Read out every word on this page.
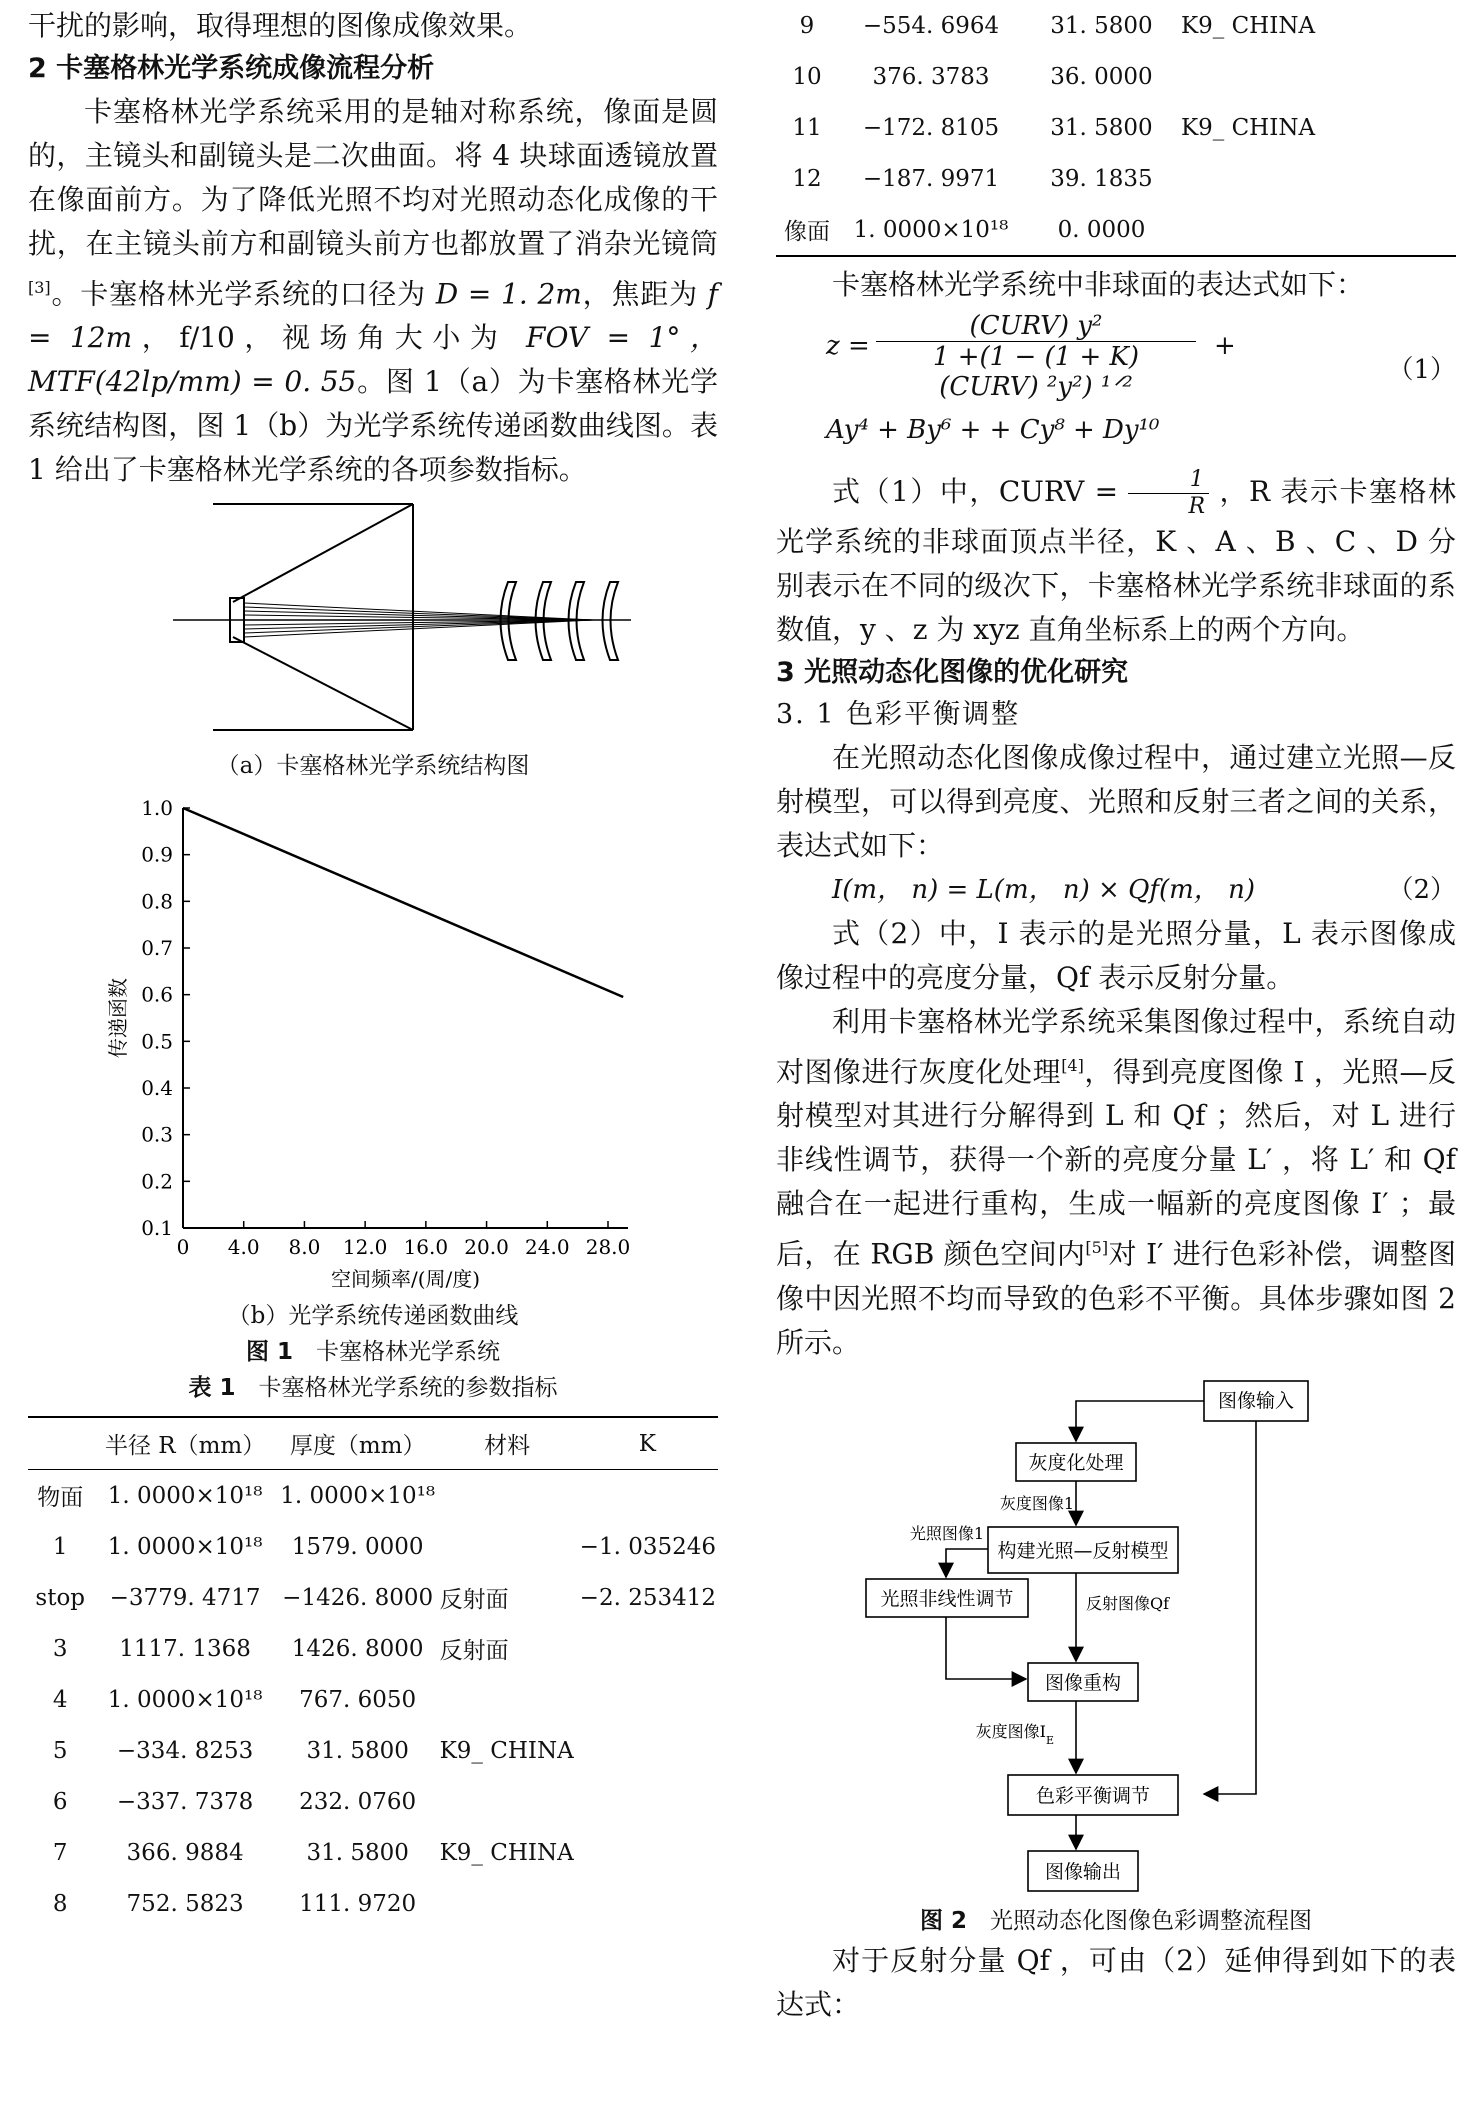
干扰的影响，取得理想的图像成像效果。

2 卡塞格林光学系统成像流程分析

卡塞格林光学系统采用的是轴对称系统，像面是圆的，主镜头和副镜头是二次曲面。将 4 块球面透镜放置在像面前方。为了降低光照不均对光照动态化成像的干扰，在主镜头前方和副镜头前方也都放置了消杂光镜筒[3]。卡塞格林光学系统的口径为 D = 1. 2m，焦距为 f = 12m，f/10，视场角大小为 FOV = 1°，MTF(42lp/mm) = 0. 55。图 1（a）为卡塞格林光学系统结构图，图 1（b）为光学系统传递函数曲线图。表 1 给出了卡塞格林光学系统的各项参数指标。

（a）卡塞格林光学系统结构图
0.1
0.2
0.3
0.4
0.5
0.6
0.7
0.8
0.9
1.0
0 4.0 8.0 12.0 16.0 20.0 24.0 28.0
空间频率/(周/度)
传递函数
（b）光学系统传递函数曲线
图 1　 卡塞格林光学系统
表 1　 卡塞格林光学系统的参数指标
	半径 R（mm）	厚度（mm）	材料	K
物面	1. 0000×10¹⁸	1. 0000×10¹⁸		
1	1. 0000×10¹⁸	1579. 0000		−1. 035246
stop	−3779. 4717	−1426. 8000	反射面	−2. 253412
3	1117. 1368	1426. 8000	反射面	
4	1. 0000×10¹⁸	767. 6050		
5	−334. 8253	31. 5800	K9_ CHINA	
6	−337. 7378	232. 0760		
7	366. 9884	31. 5800	K9_ CHINA	
8	752. 5823	111. 9720		
9	−554. 6964	31. 5800	K9_ CHINA	
10	376. 3783	36. 0000		
11	−172. 8105	31. 5800	K9_ CHINA	
12	−187. 9971	39. 1835		
像面	1. 0000×10¹⁸	0. 0000		

卡塞格林光学系统中非球面的表达式如下：

z =
(CURV) y²
1 +(1 − (1 + K) (CURV) ²y²) ¹ᐟ²
+
（1）
Ay⁴ + By⁶ + + Cy⁸ + Dy¹⁰

式（1）中，CURV = $\frac{1}{R}$ ，R 表示卡塞格林光学系统的非球面顶点半径，K 、A 、B 、C 、D 分别表示在不同的级次下，卡塞格林光学系统非球面的系数值，y 、z 为 xyz 直角坐标系上的两个方向。

3 光照动态化图像的优化研究
3. 1 色彩平衡调整

在光照动态化图像成像过程中，通过建立光照—反射模型，可以得到亮度、光照和反射三者之间的关系，表达式如下：

I(m， n) = L(m， n) × Qf(m， n)	（2）

式（2）中，I 表示的是光照分量，L 表示图像成像过程中的亮度分量，Qf 表示反射分量。

利用卡塞格林光学系统采集图像过程中，系统自动对图像进行灰度化处理[4]，得到亮度图像 I ，光照—反射模型对其进行分解得到 L 和 Qf ；然后，对 L 进行非线性调节，获得一个新的亮度分量 L′ ，将 L′ 和 Qf 融合在一起进行重构，生成一幅新的亮度图像 I′ ；最后，在 RGB 颜色空间内[5]对 I′ 进行色彩补偿，调整图像中因光照不均而导致的色彩不平衡。具体步骤如图 2 所示。

图像输入
灰度化处理
灰度图像1
构建光照—反射模型
光照图像1
反射图像Qf
光照非线性调节
图像重构
灰度图像$I_E$
色彩平衡调节
图像输出
图 2　 光照动态化图像色彩调整流程图

对于反射分量 Qf ，可由（2）延伸得到如下的表达式：
